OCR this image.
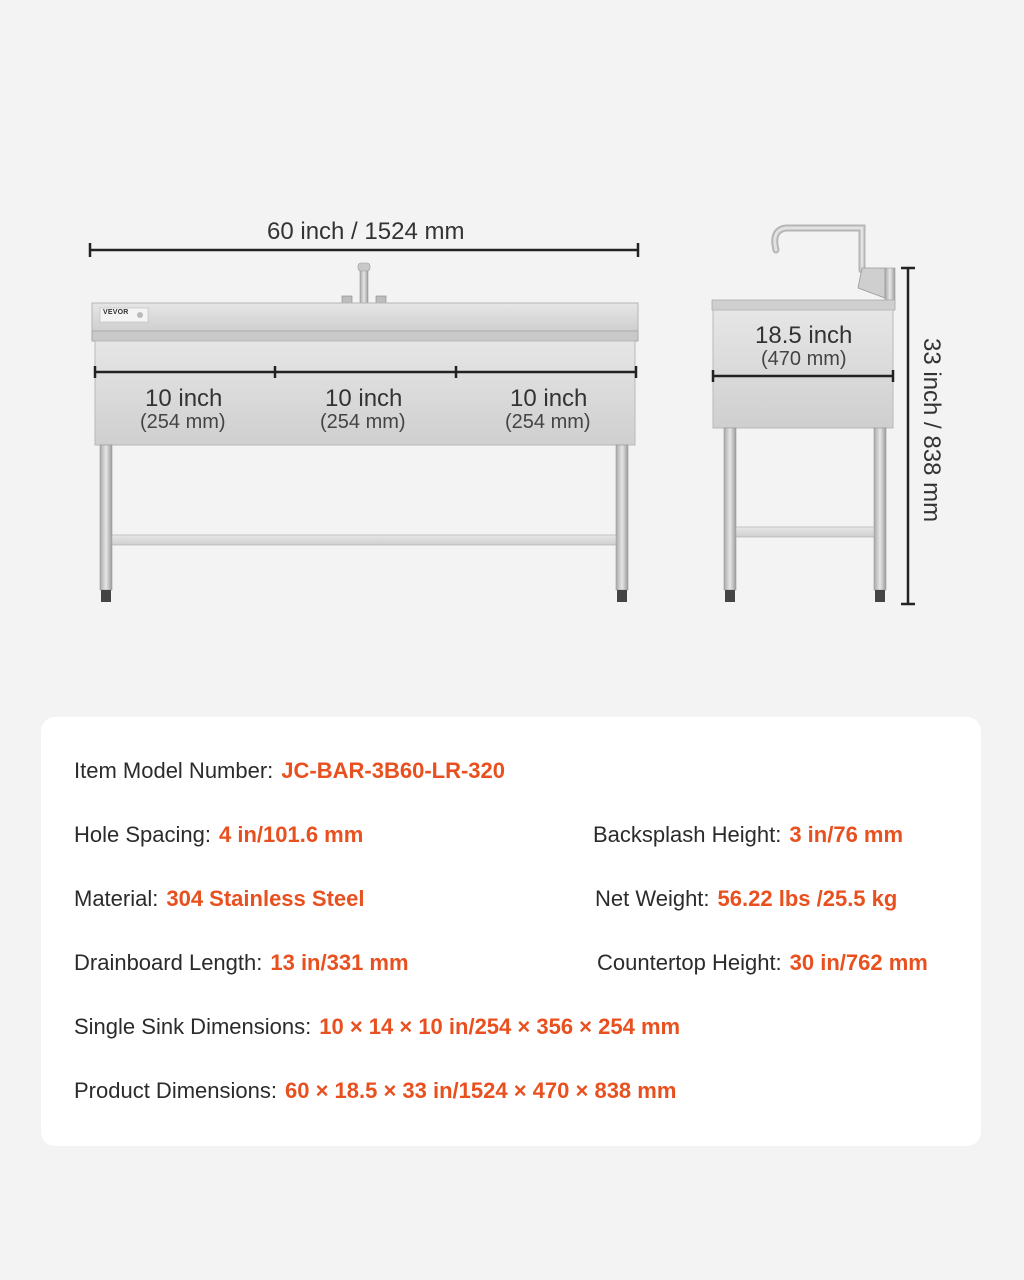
60 inch / 1524 mm
VEVOR
10 inch
(254 mm)
10 inch
(254 mm)
10 inch
(254 mm)
18.5 inch
(470 mm)	33 inch / 838 mm
Item Model Number: JC-BAR-3B60-LR-320
Hole Spacing: 4 in/101.6 mm	Backsplash Height: 3 in/76 mm
Material: 304 Stainless Steel	Net Weight: 56.22 lbs /25.5 kg
Drainboard Length: 13 in/331 mm	Countertop Height: 30 in/762 mm
Single Sink Dimensions: 10 × 14 × 10 in/254 × 356 × 254 mm
Product Dimensions: 60 × 18.5 × 33 in/1524 × 470 × 838 mm
